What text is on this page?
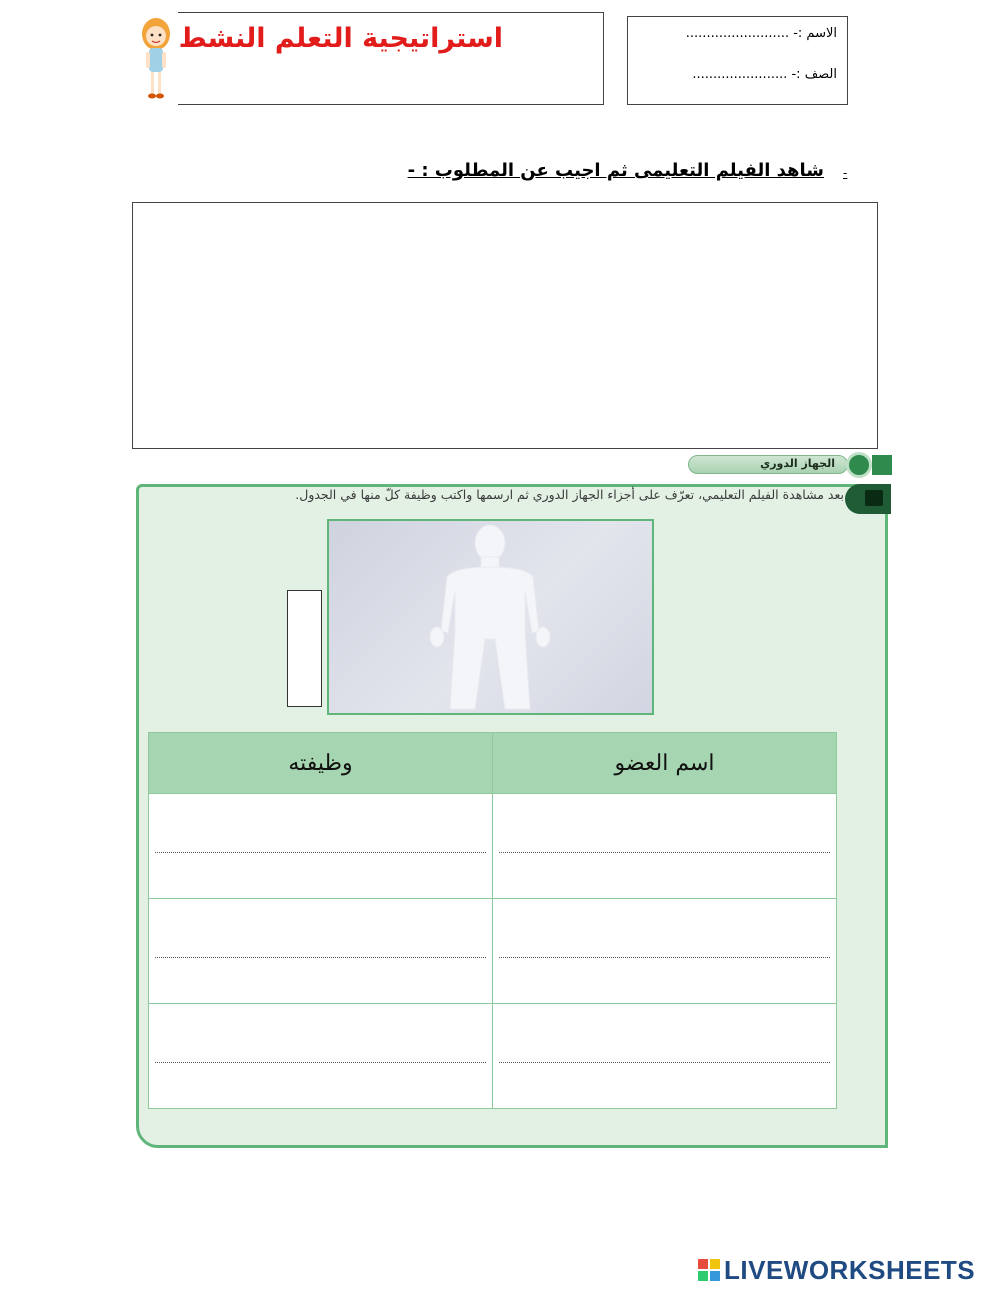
استراتيجية التعلم النشط	الاسم :- .........................
الصف :- .......................
شاهد الفيلم التعليمى ثم اجيب عن المطلوب : - -
الجهاز الدوري
بعد مشاهدة الفيلم التعليمي، تعرّف على أجزاء الجهاز الدوري ثم ارسمها واكتب وظيفة كلّ منها في الجدول.
وظيفته	اسم العضو

LIVEWORKSHEETS
